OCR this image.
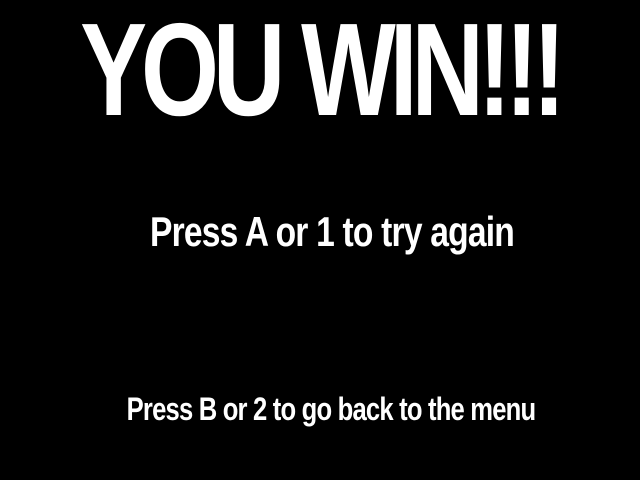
YOU WIN!!!
Press A or 1 to try again
Press B or 2 to go back to the menu
